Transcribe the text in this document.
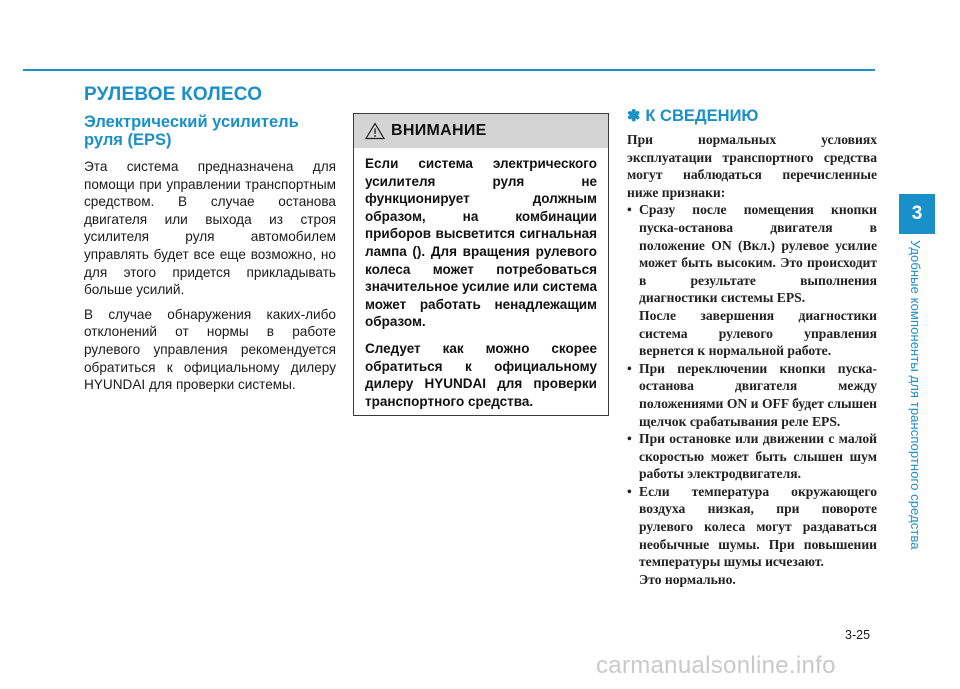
РУЛЕВОЕ КОЛЕСО
Электрический усилитель руля (EPS)

Эта система предназначена для помощи при управлении транспортным средством. В случае останова двигателя или выхода из строя усилителя руля автомобилем управлять будет все еще возможно, но для этого придется прикладывать больше усилий.

В случае обнаружения каких-либо отклонений от нормы в работе рулевого управления рекомендуется обратиться к официальному дилеру HYUNDAI для проверки системы.

ВНИМАНИЕ

Если система электрического усилителя руля не функционирует должным образом, на комбинации приборов высветится сигнальная лампа (). Для вращения рулевого колеса может потребоваться значительное усилие или система может работать ненадлежащим образом.

Следует как можно скорее обратиться к официальному дилеру HYUNDAI для проверки транспортного средства.

✽ К СВЕДЕНИЮ
При нормальных условиях эксплуатации транспортного средства могут наблюдаться перечисленные ниже признаки:
• Сразу после помещения кнопки пуска-останова двигателя в положение ON (Вкл.) рулевое усилие может быть высоким. Это происходит в результате выполнения диагностики системы EPS.
После завершения диагностики система рулевого управления вернется к нормальной работе.
• При переключении кнопки пуска-останова двигателя между положениями ON и OFF будет слышен щелчок срабатывания реле EPS.
• При остановке или движении с малой скоростью может быть слышен шум работы электродвигателя.
• Если температура окружающего воздуха низкая, при повороте рулевого колеса могут раздаваться необычные шумы. При повышении температуры шумы исчезают.
Это нормально.
3
Удобные компоненты для транспортного средства
3-25
carmanualsonline.info
